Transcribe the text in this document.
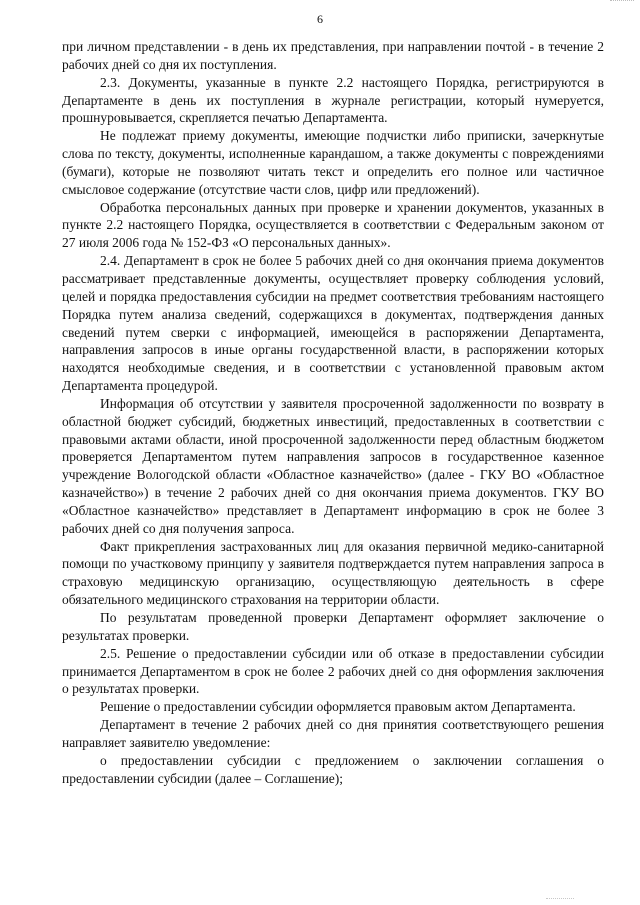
6

при личном представлении - в день их представления, при направлении почтой - в течение 2 рабочих дней со дня их поступления.

2.3. Документы, указанные в пункте 2.2 настоящего Порядка, регистрируются в Департаменте в день их поступления в журнале регистрации, который нумеруется, прошнуровывается, скрепляется печатью Департамента.

Не подлежат приему документы, имеющие подчистки либо приписки, зачеркнутые слова по тексту, документы, исполненные карандашом, а также документы с повреждениями (бумаги), которые не позволяют читать текст и определить его полное или частичное смысловое содержание (отсутствие части слов, цифр или предложений).

Обработка персональных данных при проверке и хранении документов, указанных в пункте 2.2 настоящего Порядка, осуществляется в соответствии с Федеральным законом от 27 июля 2006 года № 152-ФЗ «О персональных данных».

2.4. Департамент в срок не более 5 рабочих дней со дня окончания приема документов рассматривает представленные документы, осуществляет проверку соблюдения условий, целей и порядка предоставления субсидии на предмет соответствия требованиям настоящего Порядка путем анализа сведений, содержащихся в документах, подтверждения данных сведений путем сверки с информацией, имеющейся в распоряжении Департамента, направления запросов в иные органы государственной власти, в распоряжении которых находятся необходимые сведения, и в соответствии с установленной правовым актом Департамента процедурой.

Информация об отсутствии у заявителя просроченной задолженности по возврату в областной бюджет субсидий, бюджетных инвестиций, предоставленных в соответствии с правовыми актами области, иной просроченной задолженности перед областным бюджетом проверяется Департаментом путем направления запросов в государственное казенное учреждение Вологодской области «Областное казначейство» (далее - ГКУ ВО «Областное казначейство») в течение 2 рабочих дней со дня окончания приема документов. ГКУ ВО «Областное казначейство» представляет в Департамент информацию в срок не более 3 рабочих дней со дня получения запроса.

Факт прикрепления застрахованных лиц для оказания первичной медико-санитарной помощи по участковому принципу у заявителя подтверждается путем направления запроса в страховую медицинскую организацию, осуществляющую деятельность в сфере обязательного медицинского страхования на территории области.

По результатам проведенной проверки Департамент оформляет заключение о результатах проверки.

2.5. Решение о предоставлении субсидии или об отказе в предоставлении субсидии принимается Департаментом в срок не более 2 рабочих дней со дня оформления заключения о результатах проверки.

Решение о предоставлении субсидии оформляется правовым актом Департамента.

Департамент в течение 2 рабочих дней со дня принятия соответствующего решения направляет заявителю уведомление:

о предоставлении субсидии с предложением о заключении соглашения о предоставлении субсидии (далее – Соглашение);
